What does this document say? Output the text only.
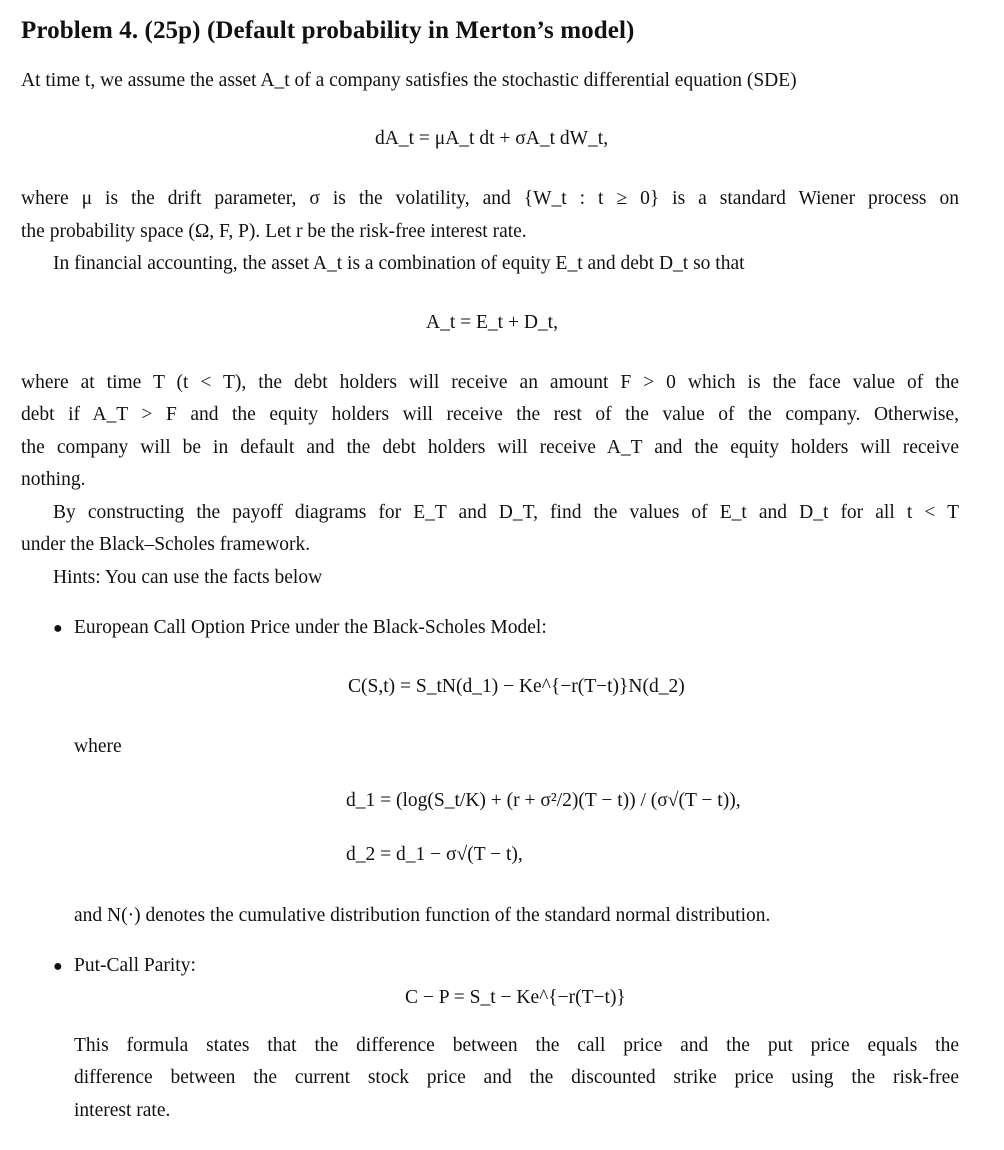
Problem 4. (25p) (Default probability in Merton’s model)
At time t, we assume the asset A_t of a company satisfies the stochastic differential equation (SDE)
dA_t = μA_t dt + σA_t dW_t,
where μ is the drift parameter, σ is the volatility, and {W_t : t ≥ 0} is a standard Wiener process on
the probability space (Ω, F, P). Let r be the risk-free interest rate.
In financial accounting, the asset A_t is a combination of equity E_t and debt D_t so that
A_t = E_t + D_t,
where at time T (t < T), the debt holders will receive an amount F > 0 which is the face value of the
debt if A_T > F and the equity holders will receive the rest of the value of the company. Otherwise,
the company will be in default and the debt holders will receive A_T and the equity holders will receive
nothing.
By constructing the payoff diagrams for E_T and D_T, find the values of E_t and D_t for all t < T
under the Black–Scholes framework.
Hints: You can use the facts below
● European Call Option Price under the Black-Scholes Model:
C(S,t) = S_tN(d_1) − Ke^{−r(T−t)}N(d_2)
where
d_1 = (log(S_t/K) + (r + σ²/2)(T − t)) / (σ√(T − t)),
d_2 = d_1 − σ√(T − t),
and N(·) denotes the cumulative distribution function of the standard normal distribution.
● Put-Call Parity:
C − P = S_t − Ke^{−r(T−t)}
This formula states that the difference between the call price and the put price equals the
difference between the current stock price and the discounted strike price using the risk-free
interest rate.
